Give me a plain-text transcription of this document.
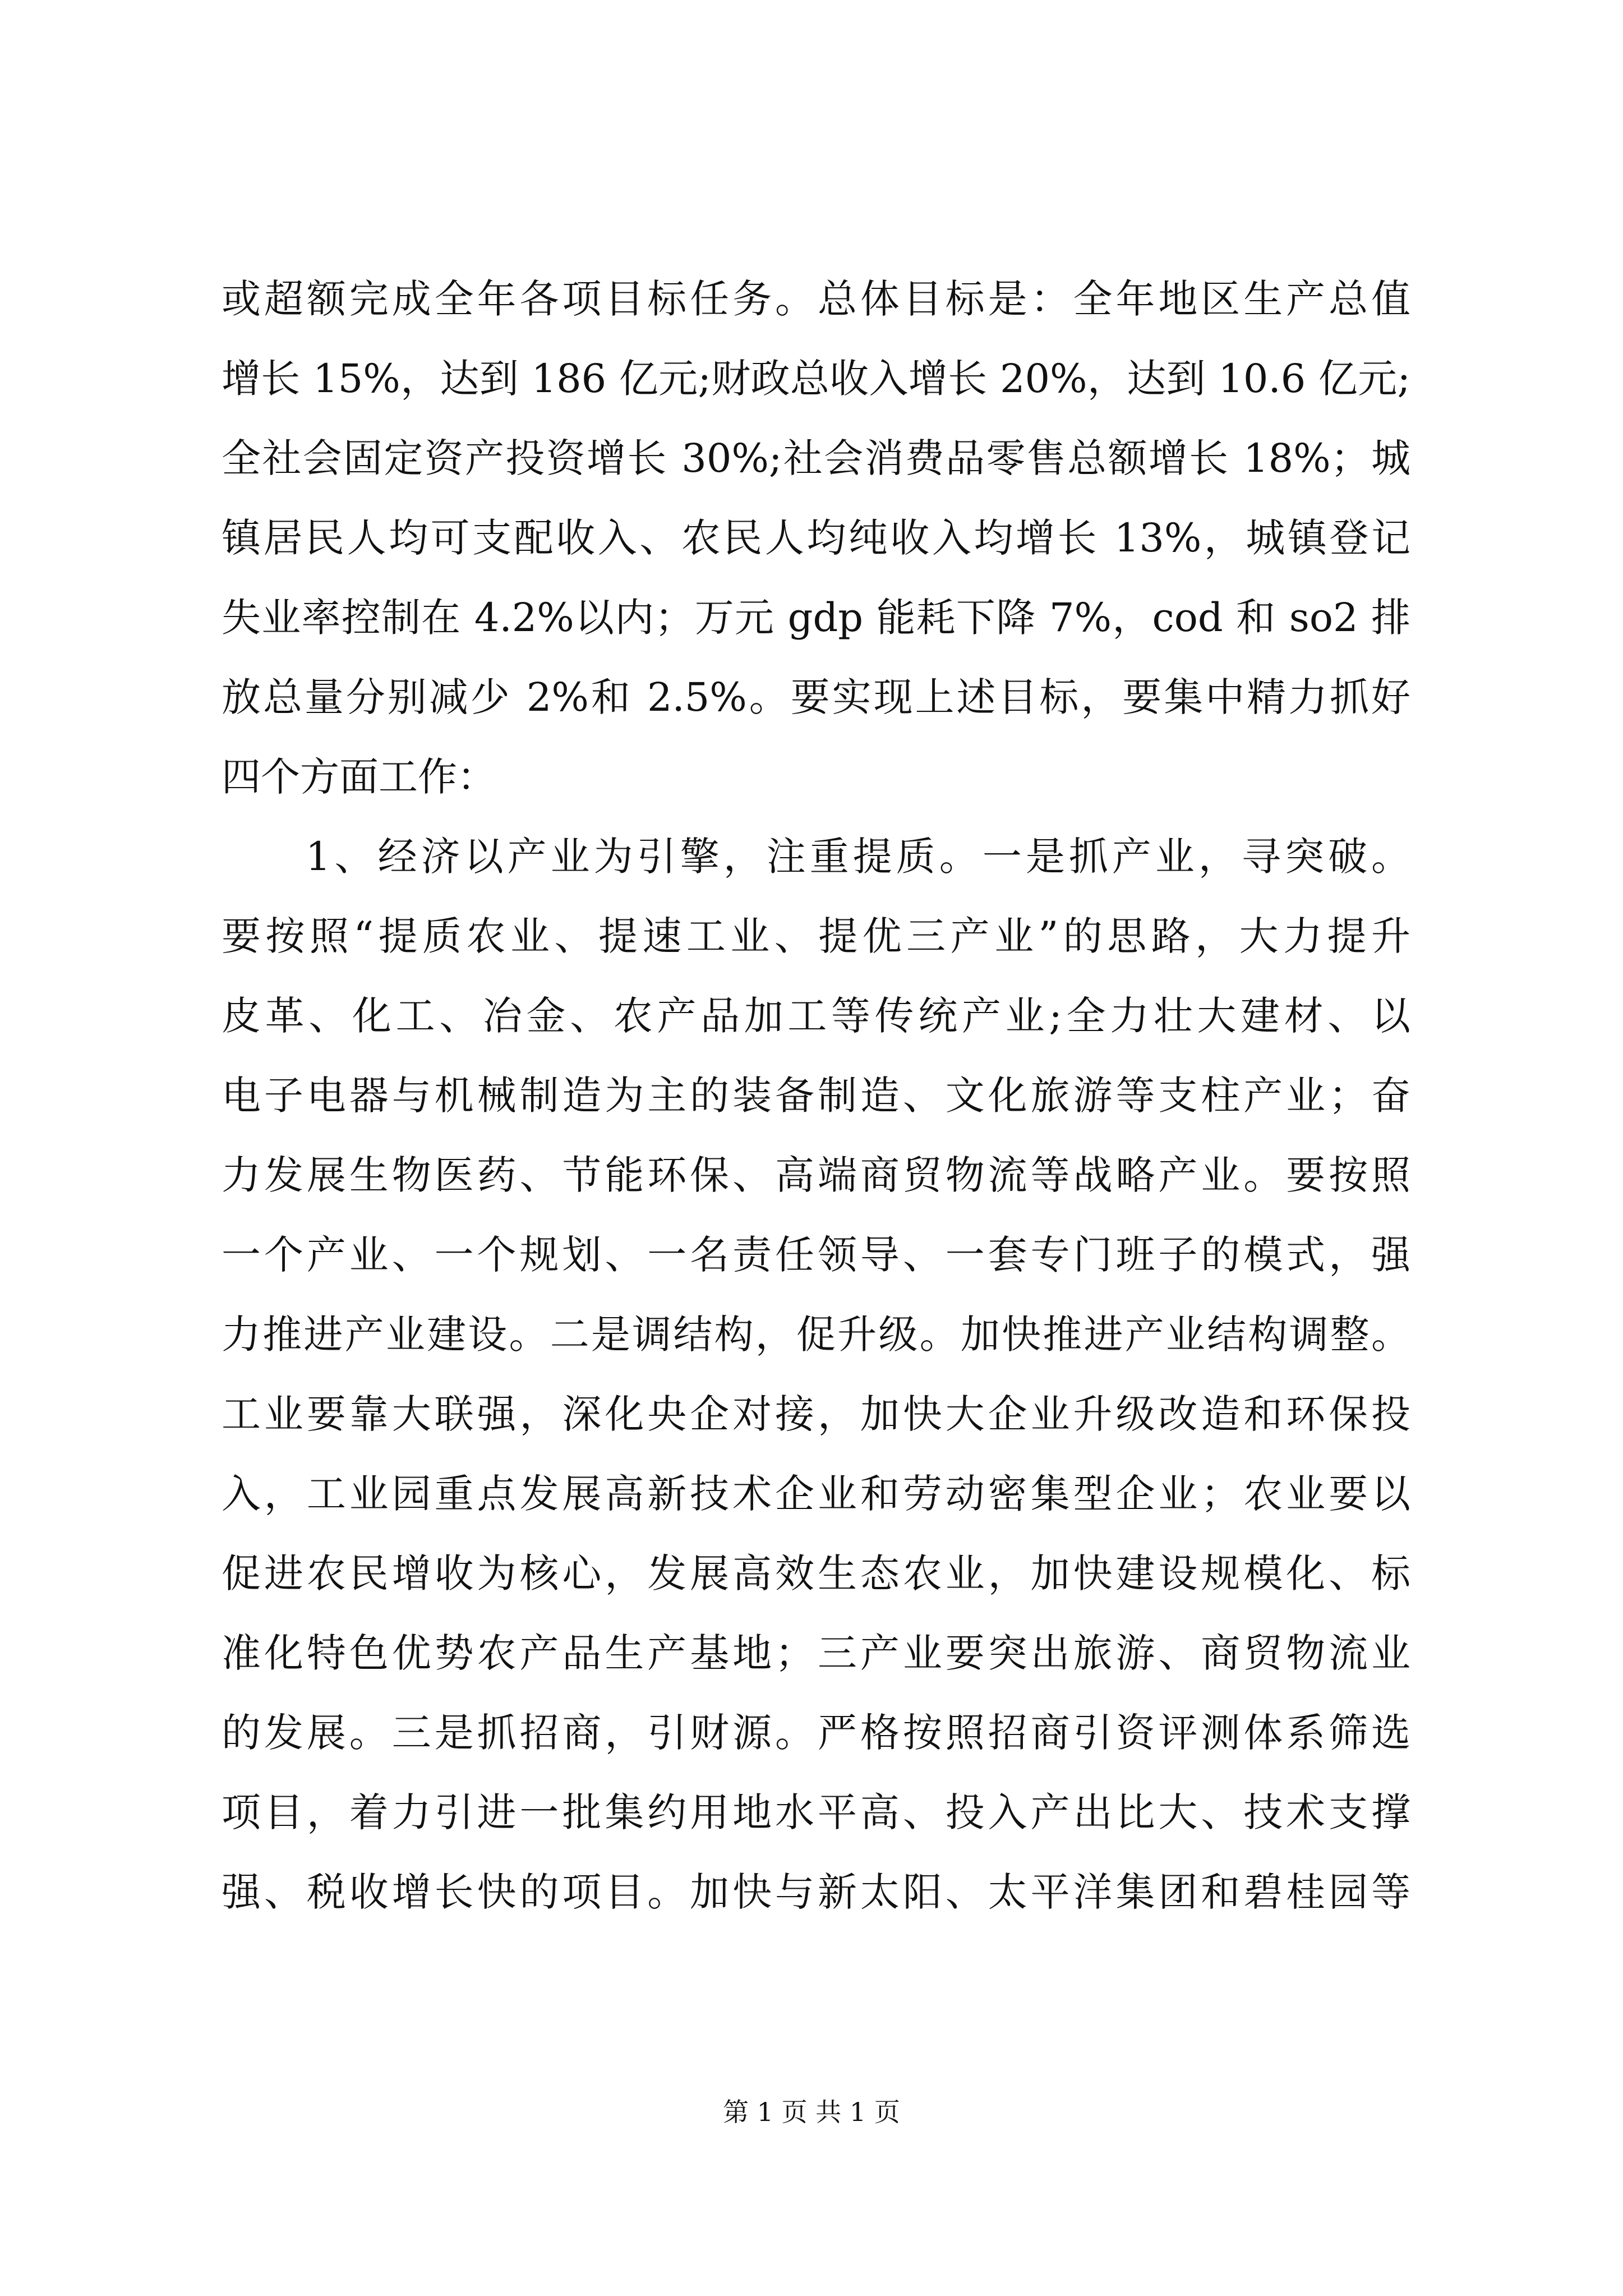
或超额完成全年各项目标任务。总体目标是：全年地区生产总值
增长 15%，达到 186 亿元;财政总收入增长 20%，达到 10.6 亿元;
全社会固定资产投资增长 30%;社会消费品零售总额增长 18%；城
镇居民人均可支配收入、农民人均纯收入均增长 13%，城镇登记
失业率控制在 4.2%以内；万元 gdp 能耗下降 7%，cod 和 so2 排
放总量分别减少 2%和 2.5%。要实现上述目标，要集中精力抓好
四个方面工作：
1、经济以产业为引擎，注重提质。一是抓产业，寻突破。
要按照“提质农业、提速工业、提优三产业”的思路，大力提升
皮革、化工、冶金、农产品加工等传统产业;全力壮大建材、以
电子电器与机械制造为主的装备制造、文化旅游等支柱产业；奋
力发展生物医药、节能环保、高端商贸物流等战略产业。要按照
一个产业、一个规划、一名责任领导、一套专门班子的模式，强
力推进产业建设。二是调结构，促升级。加快推进产业结构调整。
工业要靠大联强，深化央企对接，加快大企业升级改造和环保投
入，工业园重点发展高新技术企业和劳动密集型企业；农业要以
促进农民增收为核心，发展高效生态农业，加快建设规模化、标
准化特色优势农产品生产基地；三产业要突出旅游、商贸物流业
的发展。三是抓招商，引财源。严格按照招商引资评测体系筛选
项目，着力引进一批集约用地水平高、投入产出比大、技术支撑
强、税收增长快的项目。加快与新太阳、太平洋集团和碧桂园等
第 1 页 共 1 页
